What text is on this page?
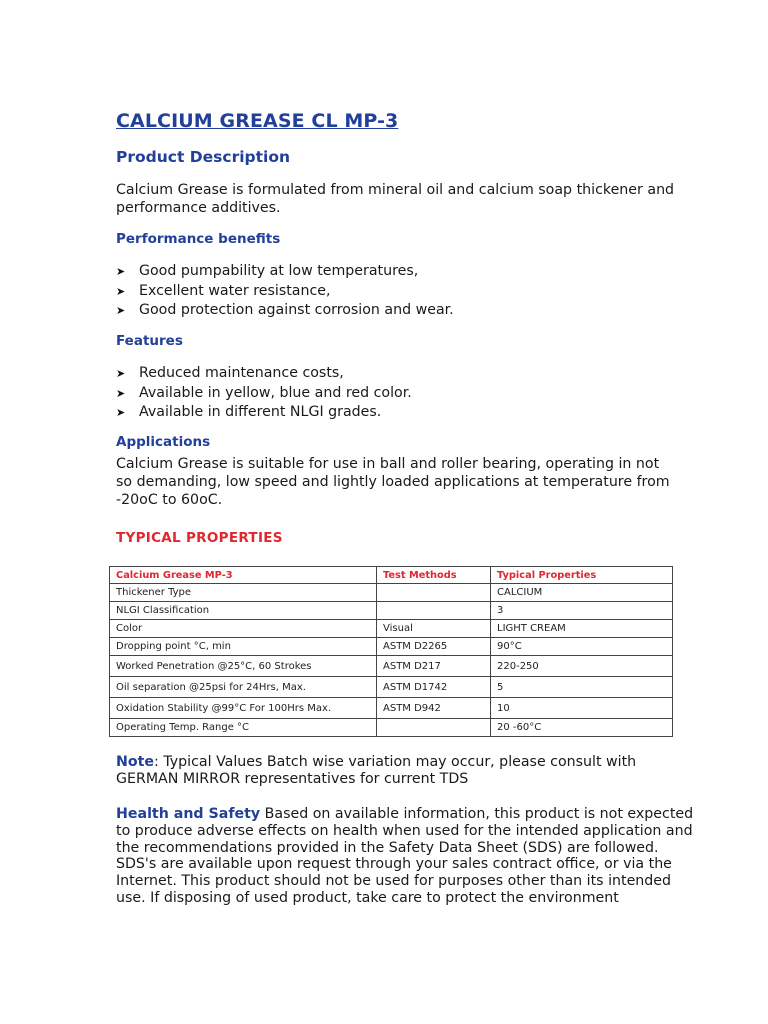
CALCIUM GREASE CL MP-3
Product Description
Calcium Grease is formulated from mineral oil and calcium soap thickener and performance additives.
Performance benefits
➤ Good pumpability at low temperatures,
➤ Excellent water resistance,
➤ Good protection against corrosion and wear.
Features
➤ Reduced maintenance costs,
➤ Available in yellow, blue and red color.
➤ Available in different NLGI grades.
Applications
Calcium Grease is suitable for use in ball and roller bearing, operating in not so demanding, low speed and lightly loaded applications at temperature from -20oC to 60oC.
TYPICAL PROPERTIES
Calcium Grease MP-3	Test Methods	Typical Properties
Thickener Type		CALCIUM
NLGI Classification		3
Color	Visual	LIGHT CREAM
Dropping point °C, min	ASTM D2265	90°C
Worked Penetration @25°C, 60 Strokes	ASTM D217	220-250
Oil separation @25psi for 24Hrs, Max.	ASTM D1742	5
Oxidation Stability @99°C For 100Hrs Max.	ASTM D942	10
Operating Temp. Range °C		20 -60°C
Note: Typical Values Batch wise variation may occur, please consult with GERMAN MIRROR representatives for current TDS
Health and Safety Based on available information, this product is not expected to produce adverse effects on health when used for the intended application and the recommendations provided in the Safety Data Sheet (SDS) are followed. SDS's are available upon request through your sales contract office, or via the Internet. This product should not be used for purposes other than its intended use. If disposing of used product, take care to protect the environment
